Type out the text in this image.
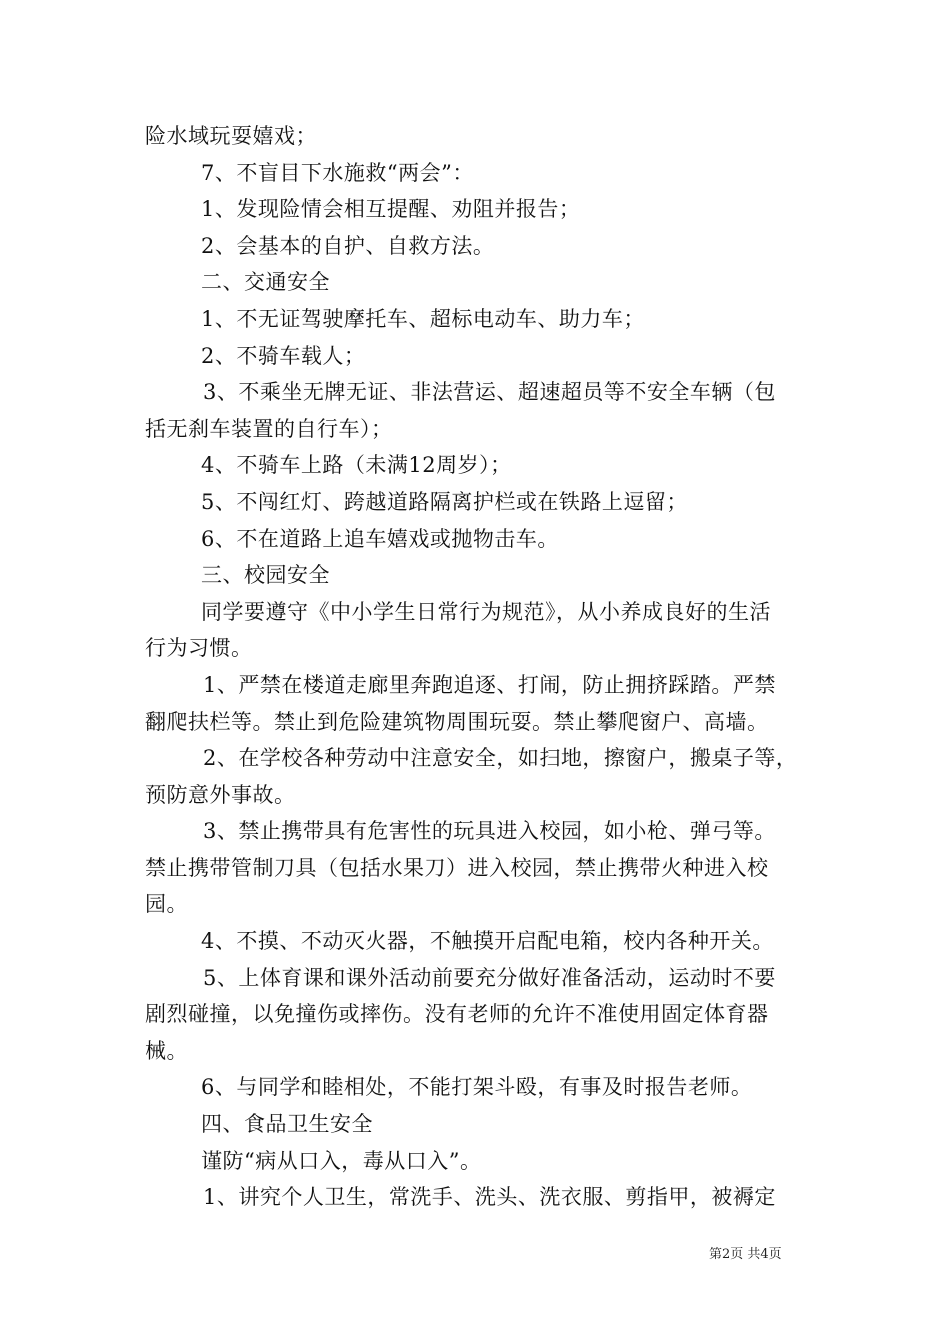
险水域玩耍嬉戏；
7、不盲目下水施救“两会”：
1、发现险情会相互提醒、劝阻并报告；
2、会基本的自护、自救方法。
二、交通安全
1、不无证驾驶摩托车、超标电动车、助力车；
2、不骑车载人；
3、不乘坐无牌无证、非法营运、超速超员等不安全车辆（包
括无刹车装置的自行车）；
4、不骑车上路（未满12周岁）；
5、不闯红灯、跨越道路隔离护栏或在铁路上逗留；
6、不在道路上追车嬉戏或抛物击车。
三、校园安全
同学要遵守《中小学生日常行为规范》，从小养成良好的生活
行为习惯。
1、严禁在楼道走廊里奔跑追逐、打闹，防止拥挤踩踏。严禁
翻爬扶栏等。禁止到危险建筑物周围玩耍。禁止攀爬窗户、高墙。
2、在学校各种劳动中注意安全，如扫地，擦窗户，搬桌子等，
预防意外事故。
3、禁止携带具有危害性的玩具进入校园，如小枪、弹弓等。
禁止携带管制刀具（包括水果刀）进入校园，禁止携带火种进入校
园。
4、不摸、不动灭火器，不触摸开启配电箱，校内各种开关。
5、上体育课和课外活动前要充分做好准备活动，运动时不要
剧烈碰撞，以免撞伤或摔伤。没有老师的允许不准使用固定体育器
械。
6、与同学和睦相处，不能打架斗殴，有事及时报告老师。
四、食品卫生安全
谨防“病从口入，毒从口入”。
1、讲究个人卫生，常洗手、洗头、洗衣服、剪指甲，被褥定
第2页 共4页
